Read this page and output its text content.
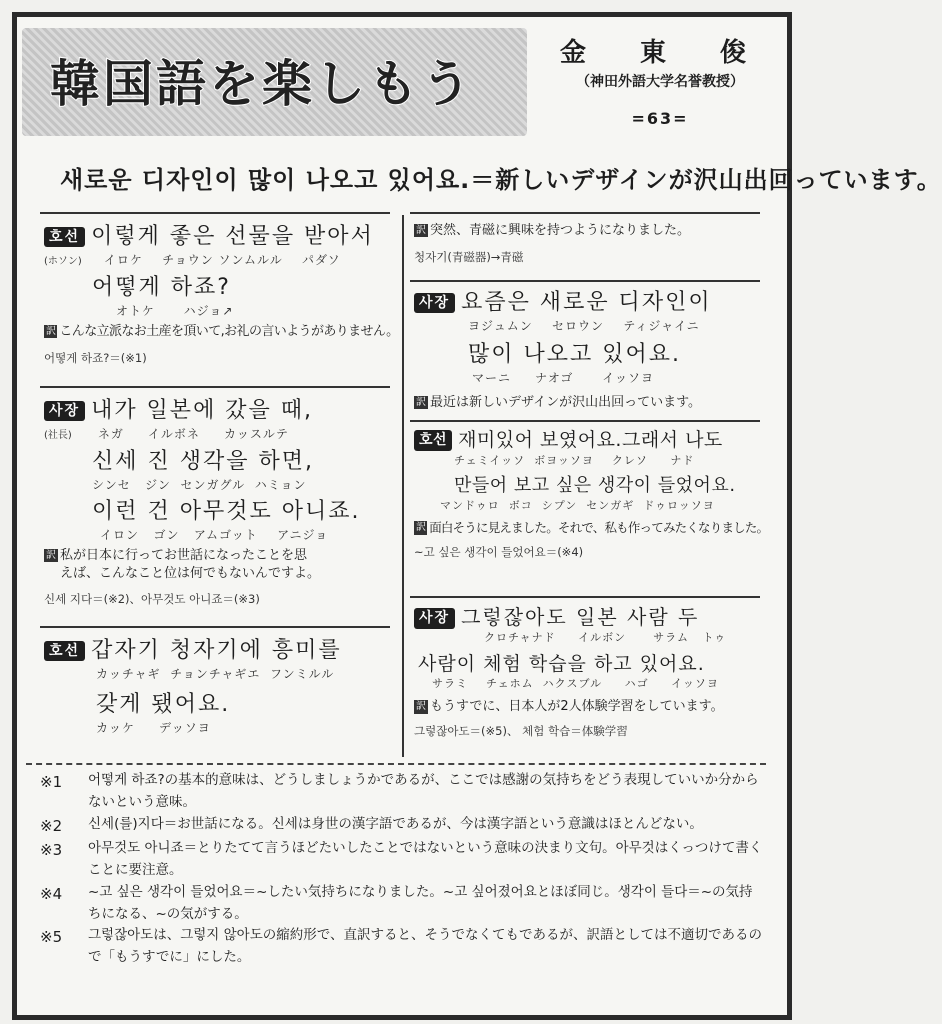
韓国語を楽しもう
金　東　俊
（神田外語大学名誉教授）
=63=
새로운 디자인이 많이 나오고 있어요.＝新しいデザインが沢山出回っています。
호선 이렇게 좋은 선물을 받아서
(ホソン) イロケ    チョウン ソンムルル    パダソ
어떻게 하죠?
オトケ      ハジョ↗
訳 こんな立派なお土産を頂いて,お礼の言いようがありません。
어떻게 하죠?＝(※1)
사장 내가 일본에 갔을 때,
(社長) ネガ     イルボネ     カッスルテ
신세 진 생각을 하면,
シンセ   ジン  センガグル  ハミョン
이런 건 아무것도 아니죠.
イロン   ゴン   アムゴット    アニジョ
訳 私が日本に行ってお世話になったことを思
えば、こんなこと位は何でもないんですよ。
신세 지다＝(※2)、아무것도 아니죠＝(※3)
호선 갑자기 청자기에 흥미를
カッチャギ  チョンチャギエ  フンミルル
갖게 됐어요.
カッケ     デッソヨ
訳 突然、青磁に興味を持つようになりました。
청자기(青磁器)→青磁
사장 요즘은 새로운 디자인이
ヨジュムン    セロウン    ティジャイニ
많이 나오고 있어요.
マーニ     ナオゴ      イッソヨ
訳 最近は新しいデザインが沢山出回っています。
호선 재미있어 보였어요.그래서 나도
チェミイッソ  ボヨッソヨ    クレソ     ナド
만들어 보고 싶은 생각이 들었어요.
マンドゥロ  ボコ  シプン  センガギ  ドゥロッソヨ
訳 面白そうに見えました。それで、私も作ってみたくなりました。
~고 싶은 생각이 들었어요＝(※4)
사장 그렇잖아도 일본 사람 두
クロチャナド     イルボン      サラム   トゥ
사람이 체험 학습을 하고 있어요.
サラミ    チェホム  ハクスブル     ハゴ     イッソヨ
訳 もうすでに、日本人が2人体験学習をしています。
그렇잖아도＝(※5)、 체험 학습＝体験学習
※1	어떻게 하죠?の基本的意味は、どうしましょうかであるが、ここでは感謝の気持ちをどう表現していいか分からないという意味。
※2	신세(를)지다＝お世話になる。신세は身世の漢字語であるが、今は漢字語という意識はほとんどない。
※3	아무것도 아니죠＝とりたてて言うほどたいしたことではないという意味の決まり文句。아무것はくっつけて書くことに要注意。
※4	~고 싶은 생각이 들었어요＝~したい気持ちになりました。~고 싶어졌어요とほぼ同じ。생각이 들다＝~の気持ちになる、~の気がする。
※5	그렇잖아도は、그렇지 않아도の縮約形で、直訳すると、そうでなくてもであるが、訳語としては不適切であるので「もうすでに」にした。
